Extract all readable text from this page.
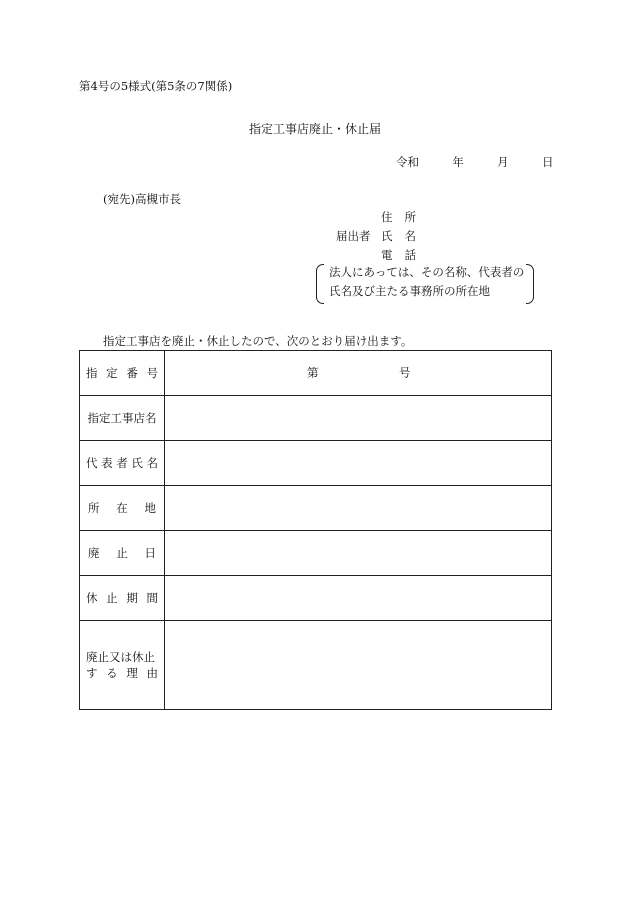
第4号の5様式(第5条の7関係)
指定工事店廃止・休止届
令和	年	月	日
(宛先)高槻市長
住 所
届出者 氏 名
電 話
法人にあっては、その名称、代表者の
氏名及び主たる事務所の所在地
指定工事店を廃止・休止したので、次のとおり届け出ます。
指 定 番 号	第 号

指定工事店名	

代 表 者 氏 名	

所 在 地	

廃 止 日	

休 止 期 間	

廃止又は休止
す る 理 由	
